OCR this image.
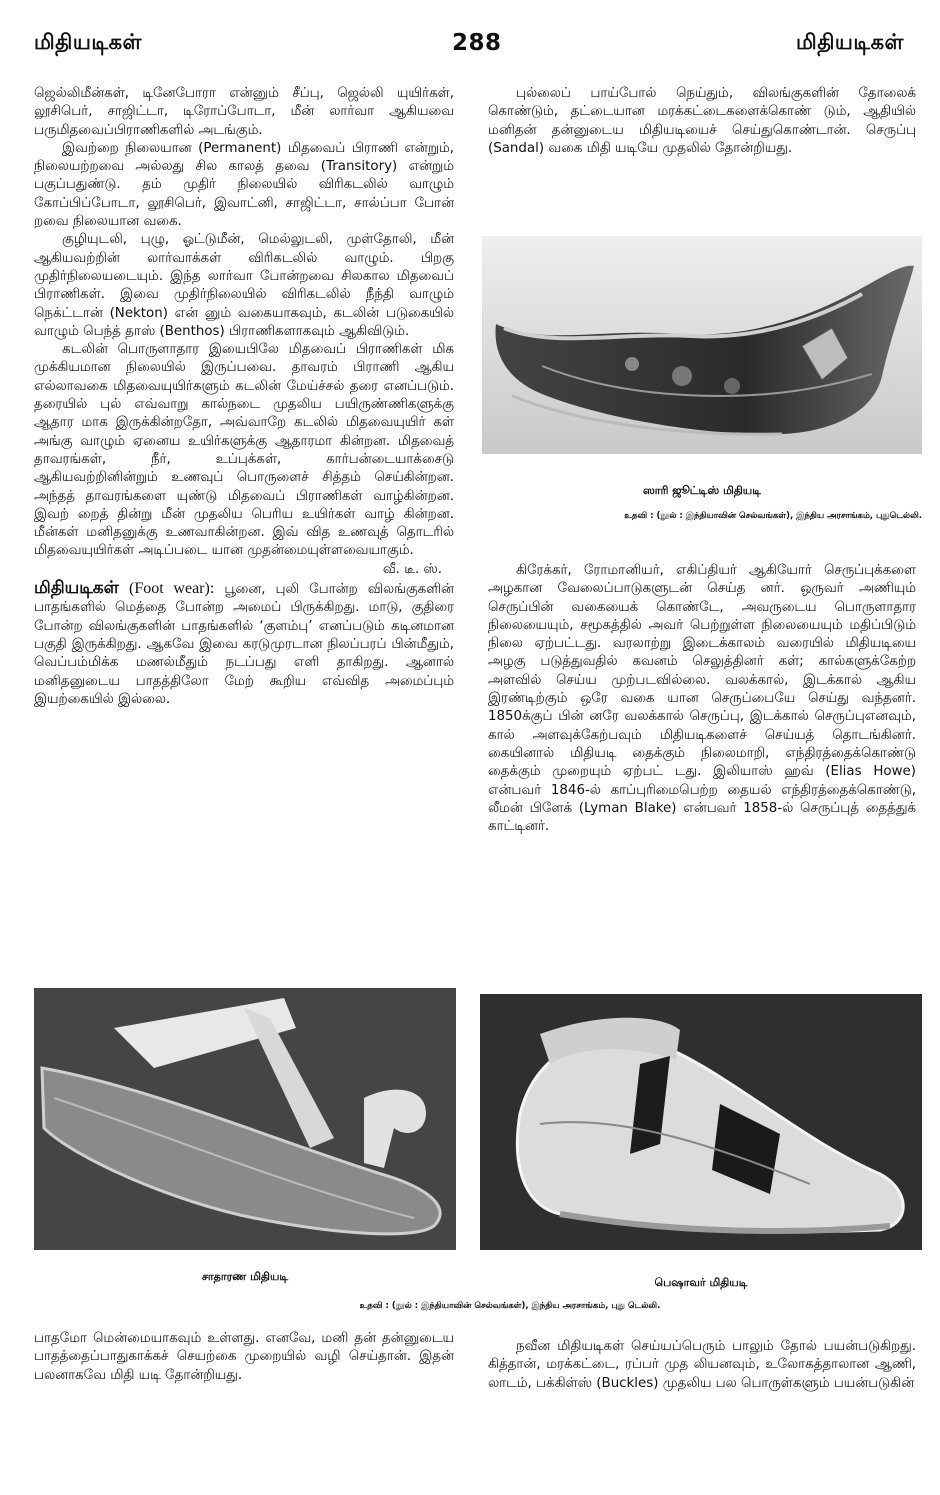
மிதியடிகள்	288	மிதியடிகள்

ஜெல்லிமீன்கள், டினேபோரா என்னும் சீப்பு, ஜெல்லி யுயிர்கள், லூசிபெர், சாஜிட்டா, டிரோப்போடா, மீன் லார்வா ஆகியவை பருமிதவைப்பிராணிகளில் அடங்கும்.

இவற்றை நிலையான (Permanent) மிதவைப் பிராணி என்றும், நிலையற்றவை அல்லது சில காலத் தவை (Transitory) என்றும் பகுப்பதுண்டு. தம் முதிர் நிலையில் விரிகடலில் வாழும் கோப்பிப்போடா, லூசிபெர், இவாட்னி, சாஜிட்டா, சால்ப்பா போன் றவை நிலையான வகை.

குழியுடலி, புழு, ஓட்டுமீன், மெல்லுடலி, முள்தோலி, மீன் ஆகியவற்றின் லார்வாக்கள் விரிகடலில் வாழும். பிறகு முதிர்நிலையடையும். இந்த லார்வா போன்றவை சிலகால மிதவைப் பிராணிகள். இவை முதிர்நிலையில் விரிகடலில் நீந்தி வாழும் நெக்ட்டான் (Nekton) என் னும் வகையாகவும், கடலின் படுகையில் வாழும் பெந்த் தாஸ் (Benthos) பிராணிகளாகவும் ஆகிவிடும்.

கடலின் பொருளாதார இயைபிலே மிதவைப் பிராணிகள் மிக முக்கியமான நிலையில் இருப்பவை. தாவரம் பிராணி ஆகிய எல்லாவகை மிதவையுயிர்களும் கடலின் மேய்ச்சல் தரை எனப்படும். தரையில் புல் எவ்வாறு கால்நடை முதலிய பயிருண்ணிகளுக்கு ஆதார மாக இருக்கின்றதோ, அவ்வாறே கடலில் மிதவையுயிர் கள் அங்கு வாழும் ஏனைய உயிர்களுக்கு ஆதாரமா கின்றன. மிதவைத் தாவரங்கள், நீர், உப்புக்கள், கார்பன்டையாக்சைடு ஆகியவற்றினின்றும் உணவுப் பொருளைச் சித்தம் செய்கின்றன. அந்தத் தாவரங்களை யுண்டு மிதவைப் பிராணிகள் வாழ்கின்றன. இவற் றைத் தின்று மீன் முதலிய பெரிய உயிர்கள் வாழ் கின்றன. மீன்கள் மனிதனுக்கு உணவாகின்றன. இவ் வித உணவுத் தொடரில் மிதவையுயிர்கள் அடிப்படை யான முதன்மையுள்ளவையாகும்.

வீ. டீ. ஸ்.

மிதியடிகள் (Foot wear): பூனை, புலி போன்ற விலங்குகளின் பாதங்களில் மெத்தை போன்ற அமைப் பிருக்கிறது. மாடு, குதிரை போன்ற விலங்குகளின் பாதங்களில் ‘குளம்பு’ எனப்படும் கடினமான பகுதி இருக்கிறது. ஆகவே இவை கரடுமுரடான நிலப்பரப் பின்மீதும், வெப்பம்மிக்க மணல்மீதும் நடப்பது எளி தாகிறது. ஆனால் மனிதனுடைய பாதத்திலோ மேற் கூறிய எவ்வித அமைப்பும் இயற்கையில் இல்லை.

புல்லைப் பாய்போல் நெய்தும், விலங்குகளின் தோலைக் கொண்டும், தட்டையான மரக்கட்டைகளைக்கொண் டும், ஆதியில் மனிதன் தன்னுடைய மிதியடியைச் செய்துகொண்டான். செருப்பு (Sandal) வகை மிதி யடியே முதலில் தோன்றியது.

ஸாரி ஜூட்டிஸ் மிதியடி
உதவி : (நூல் : இந்தியாவின் செல்வங்கள்), இந்திய அரசாங்கம், புதுடெல்லி.

கிரேக்கர், ரோமானியர், எகிப்தியர் ஆகியோர் செருப்புக்களை அழகான வேலைப்பாடுகளுடன் செய்த னர். ஒருவர் அணியும் செருப்பின் வகையைக் கொண்டே, அவருடைய பொருளாதார நிலையையும், சமூகத்தில் அவர் பெற்றுள்ள நிலையையும் மதிப்பிடும் நிலை ஏற்பட்டது. வரலாற்று இடைக்காலம் வரையில் மிதியடியை அழகு படுத்துவதில் கவனம் செலுத்தினர் கள்; கால்களுக்கேற்ற அளவில் செய்ய முற்படவில்லை. வலக்கால், இடக்கால் ஆகிய இரண்டிற்கும் ஒரே வகை யான செருப்பையே செய்து வந்தனர். 1850க்குப் பின் னரே வலக்கால் செருப்பு, இடக்கால் செருப்புஎனவும், கால் அளவுக்கேற்பவும் மிதியடிகளைச் செய்யத் தொடங்கினர். கையினால் மிதியடி தைக்கும் நிலைமாறி, எந்திரத்தைக்கொண்டு தைக்கும் முறையும் ஏற்பட் டது. இலியாஸ் ஹவ் (Elias Howe) என்பவர் 1846-ல் காப்புரிமைபெற்ற தையல் எந்திரத்தைக்கொண்டு, லீமன் பிளேக் (Lyman Blake) என்பவர் 1858-ல் செருப்புத் தைத்துக் காட்டினர்.

சாதாரண மிதியடி	பெஷாவர் மிதியடி
உதவி : (நூல் : இந்தியாவின் செல்வங்கள்), இந்திய அரசாங்கம், புது டெல்லி.

பாதமோ மென்மையாகவும் உள்ளது. எனவே, மனி தன் தன்னுடைய பாதத்தைப்பாதுகாக்கச் செயற்கை முறையில் வழி செய்தான். இதன் பலனாகவே மிதி யடி தோன்றியது.

நவீன மிதியடிகள் செய்யப்பெரும் பாலும் தோல் பயன்படுகிறது. கித்தான், மரக்கட்டை, ரப்பர் முத லியனவும், உலோகத்தாலான ஆணி, லாடம், பக்கிள்ஸ் (Buckles) முதலிய பல பொருள்களும் பயன்படுகின்
